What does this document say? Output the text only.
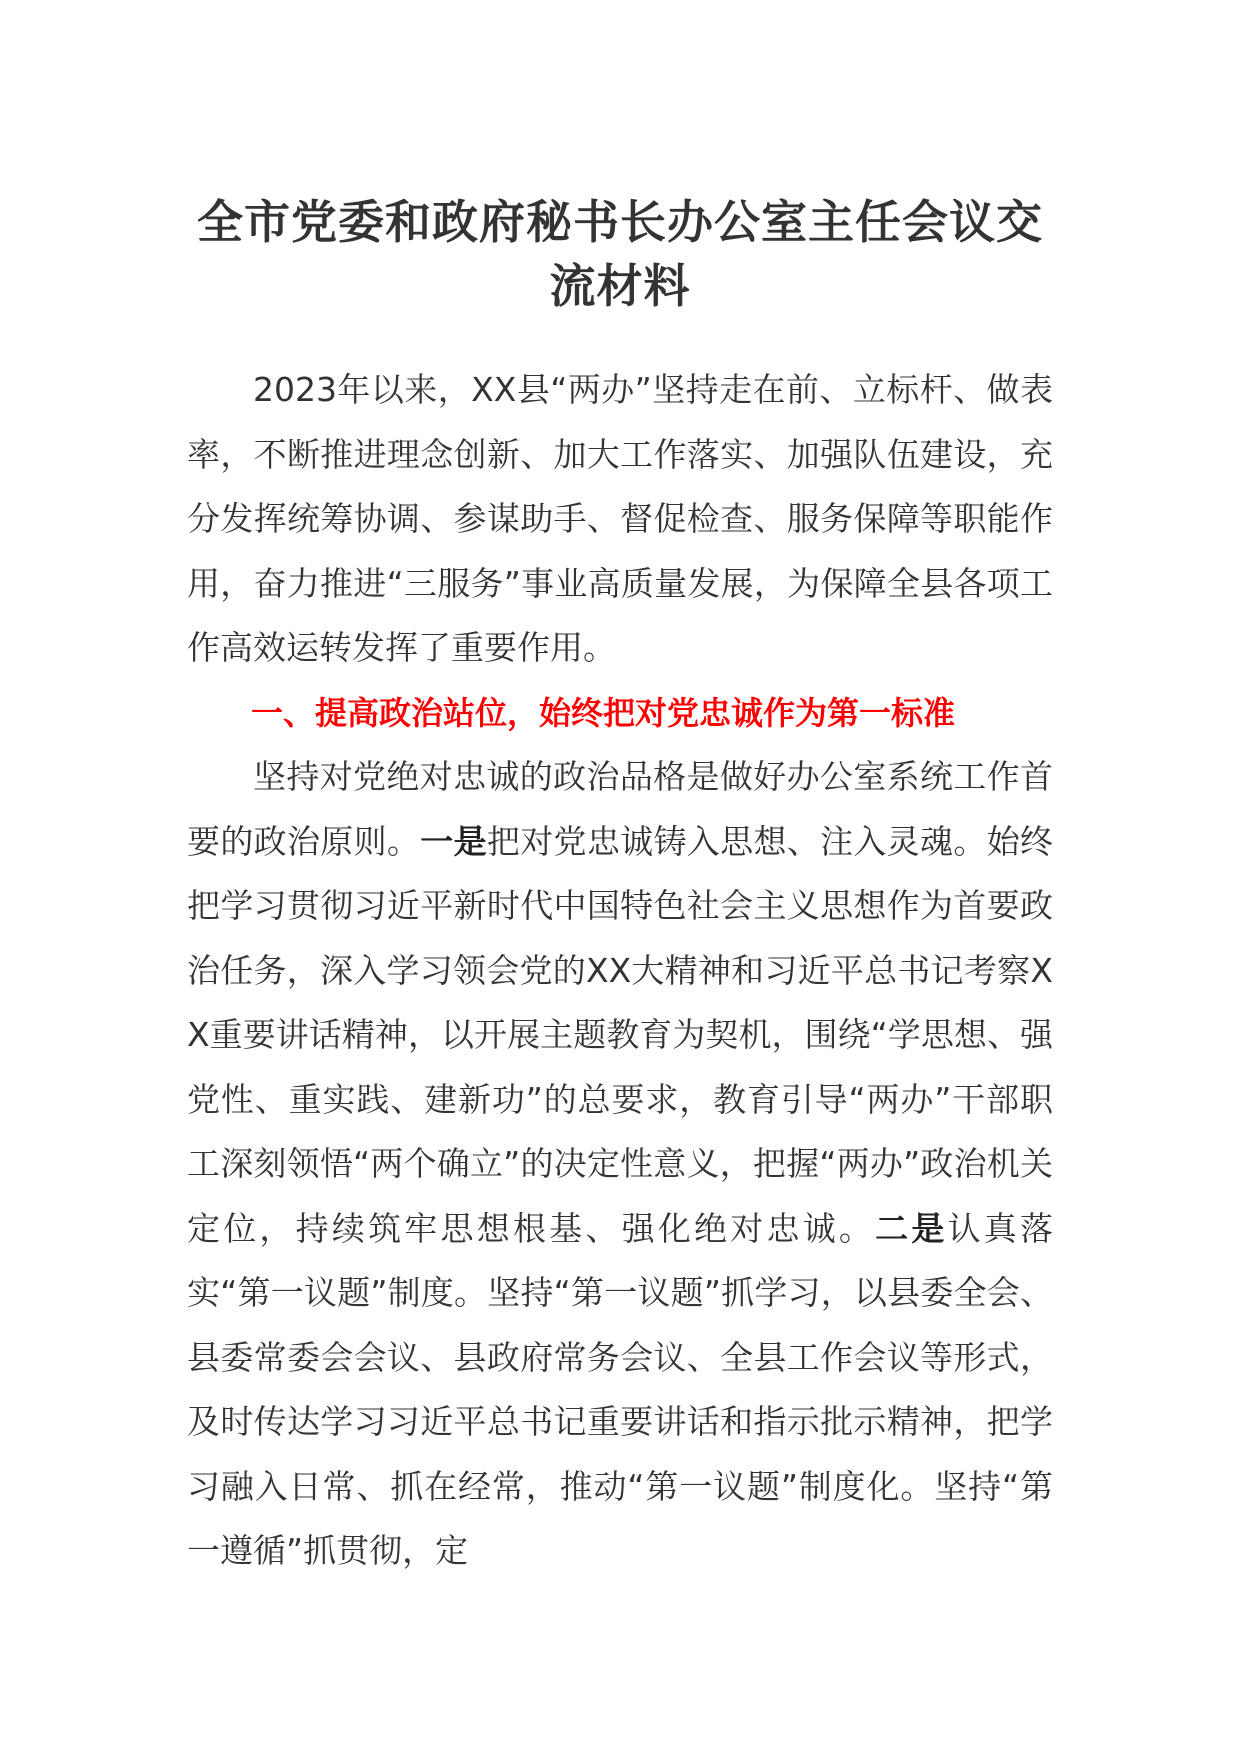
全市党委和政府秘书长办公室主任会议交流材料

2023年以来，XX县“两办”坚持走在前、立标杆、做表率，不断推进理念创新、加大工作落实、加强队伍建设，充分发挥统筹协调、参谋助手、督促检查、服务保障等职能作用，奋力推进“三服务”事业高质量发展，为保障全县各项工作高效运转发挥了重要作用。

一、提高政治站位，始终把对党忠诚作为第一标准

坚持对党绝对忠诚的政治品格是做好办公室系统工作首要的政治原则。一是把对党忠诚铸入思想、注入灵魂。始终把学习贯彻习近平新时代中国特色社会主义思想作为首要政治任务，深入学习领会党的XX大精神和习近平总书记考察XX重要讲话精神，以开展主题教育为契机，围绕“学思想、强党性、重实践、建新功”的总要求，教育引导“两办”干部职工深刻领悟“两个确立”的决定性意义，把握“两办”政治机关定位，持续筑牢思想根基、强化绝对忠诚。二是认真落实“第一议题”制度。坚持“第一议题”抓学习，以县委全会、县委常委会会议、县政府常务会议、全县工作会议等形式，及时传达学习习近平总书记重要讲话和指示批示精神，把学习融入日常、抓在经常，推动“第一议题”制度化。坚持“第一遵循”抓贯彻，定
